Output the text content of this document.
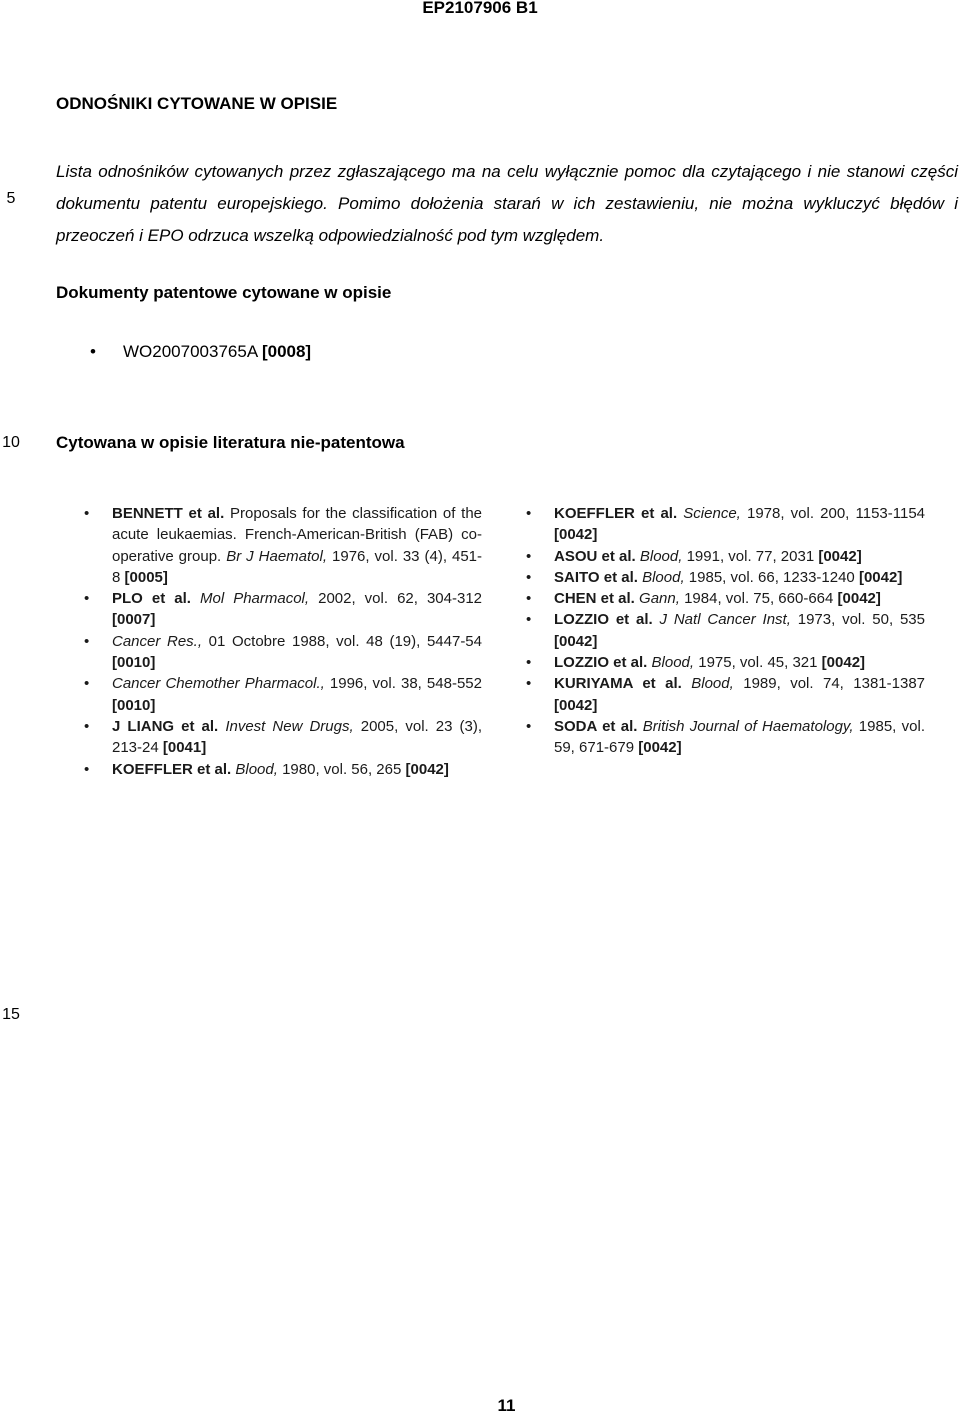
EP2107906 B1
ODNOŚNIKI CYTOWANE W OPISIE
5
10
15
Lista odnośników cytowanych przez zgłaszającego ma na celu wyłącznie pomoc dla czytającego i nie stanowi części dokumentu patentu europejskiego. Pomimo dołożenia starań w ich zestawieniu, nie można wykluczyć błędów i przeoczeń i EPO odrzuca wszelką odpowiedzialność pod tym względem.
Dokumenty patentowe cytowane w opisie
• WO2007003765A [0008]
Cytowana w opisie literatura nie-patentowa
• BENNETT et al. Proposals for the classification of the acute leukaemias. French-American-British (FAB) co-operative group. Br J Haematol, 1976, vol. 33 (4), 451-8 [0005]
• PLO et al. Mol Pharmacol, 2002, vol. 62, 304-312 [0007]
• Cancer Res., 01 Octobre 1988, vol. 48 (19), 5447-54 [0010]
• Cancer Chemother Pharmacol., 1996, vol. 38, 548-552 [0010]
• J LIANG et al. Invest New Drugs, 2005, vol. 23 (3), 213-24 [0041]
• KOEFFLER et al. Blood, 1980, vol. 56, 265 [0042]
• KOEFFLER et al. Science, 1978, vol. 200, 1153-1154 [0042]
• ASOU et al. Blood, 1991, vol. 77, 2031 [0042]
• SAITO et al. Blood, 1985, vol. 66, 1233-1240 [0042]
• CHEN et al. Gann, 1984, vol. 75, 660-664 [0042]
• LOZZIO et al. J Natl Cancer Inst, 1973, vol. 50, 535 [0042]
• LOZZIO et al. Blood, 1975, vol. 45, 321 [0042]
• KURIYAMA et al. Blood, 1989, vol. 74, 1381-1387 [0042]
• SODA et al. British Journal of Haematology, 1985, vol. 59, 671-679 [0042]
11
